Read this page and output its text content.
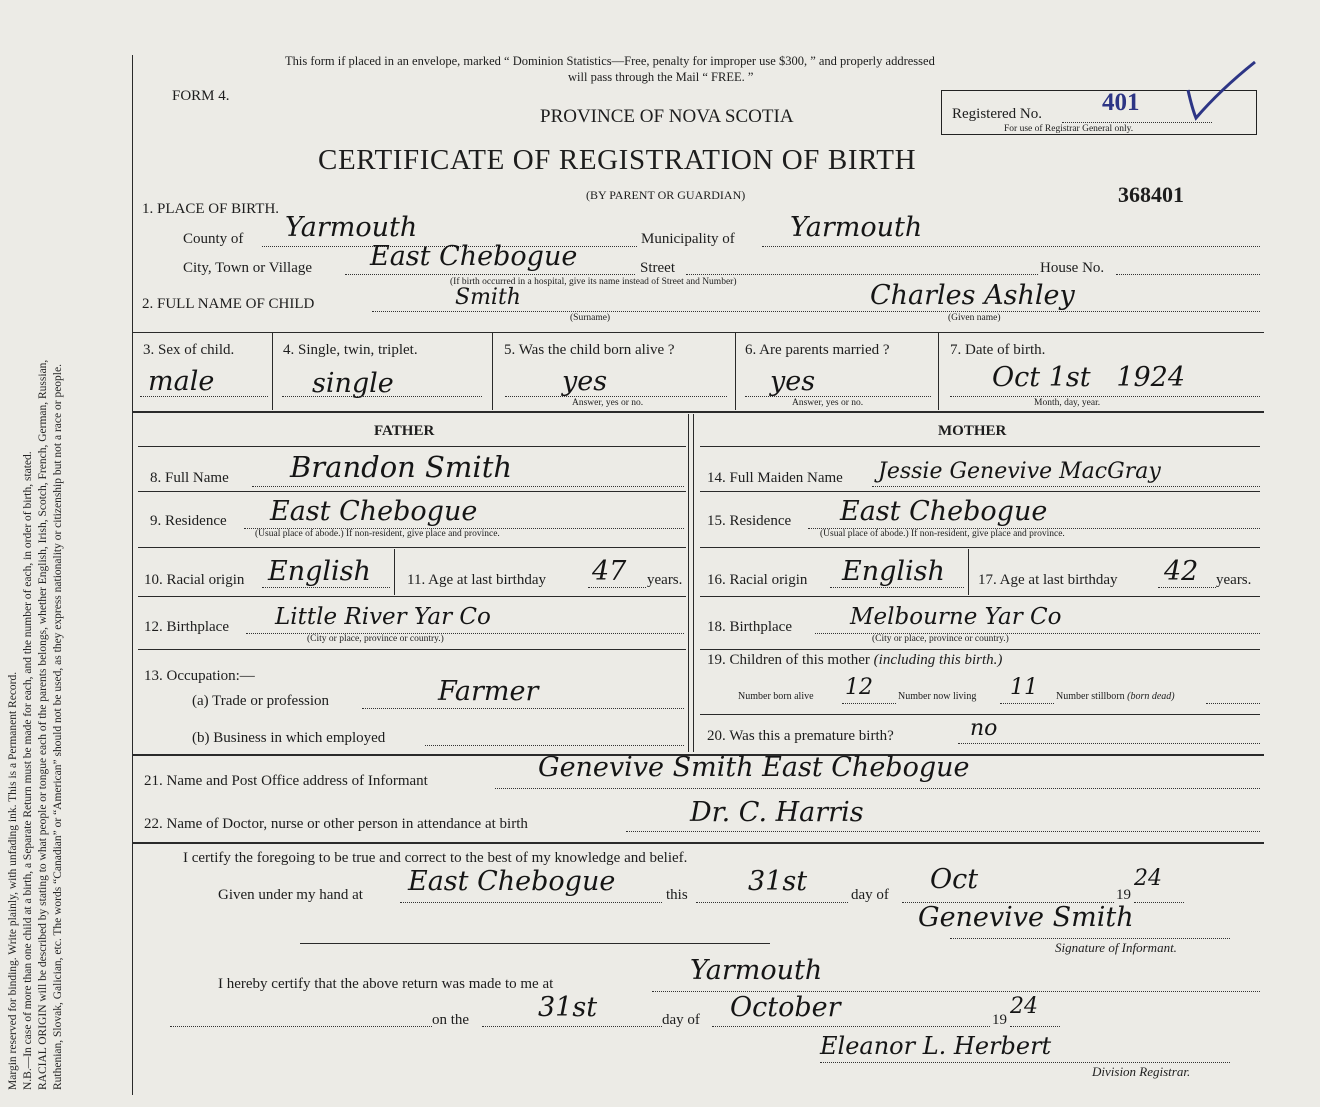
Margin reserved for binding. Write plainly, with unfading ink. This is a Permanent Record. N.B.—In case of more than one child at a birth, a Separate Return must be made for each, and the number of each, in order of birth, stated. RACIAL ORIGIN will be described by stating to what people or tongue each of the parents belongs, whether English, Irish, Scotch, French, German, Russian, Ruthenian, Slovak, Galician, etc. The words “Canadian” or “American” should not be used, as they express nationality or citizenship but not a race or people.
This form if placed in an envelope, marked “ Dominion Statistics—Free, penalty for improper use $300, ” and properly addressed
will pass through the Mail “ FREE. ”
FORM 4.
PROVINCE OF NOVA SCOTIA	Registered No. 401
For use of Registrar General only.
CERTIFICATE OF REGISTRATION OF BIRTH
(BY PARENT OR GUARDIAN)	368401
1. PLACE OF BIRTH.
County of Yarmouth	Municipality of Yarmouth
City, Town or Village East Chebogue	Street	House No.
(If birth occurred in a hospital, give its name instead of Street and Number)
2. FULL NAME OF CHILD	Smith
(Surname)
Charles Ashley
(Given name)
3. Sex of child.
male
4. Single, twin, triplet.
single
5. Was the child born alive ?
yes
Answer, yes or no.
6. Are parents married ?
yes
Answer, yes or no.
7. Date of birth.
Oct 1st   1924
Month, day, year.
FATHER	MOTHER
8. Full Name Brandon Smith
9. Residence East Chebogue
(Usual place of abode.) If non-resident, give place and province.
10. Racial origin English 11. Age at last birthday 47 years.
12. Birthplace Little River Yar Co
(City or place, province or country.)
13. Occupation:—
(a) Trade or profession	Farmer
(b) Business in which employed
14. Full Maiden Name Jessie Genevive MacGray
15. Residence East Chebogue
(Usual place of abode.) If non-resident, give place and province.
16. Racial origin English 17. Age at last birthday 42 years.
18. Birthplace	Melbourne Yar Co
(City or place, province or country.)
19. Children of this mother (including this birth.)
Number born alive 12	Number now living 11 Number stillborn (born dead)
20. Was this a premature birth?	no
21. Name and Post Office address of Informant	Genevive Smith East Chebogue
22. Name of Doctor, nurse or other person in attendance at birth	Dr. C. Harris
I certify the foregoing to be true and correct to the best of my knowledge and belief.
Given under my hand at East Chebogue	this 31st	day of Oct	19
24
Genevive Smith
Signature of Informant.
I hereby certify that the above return was made to me at	Yarmouth
on the	31st	day of October	19
24
Eleanor L. Herbert
Division Registrar.
